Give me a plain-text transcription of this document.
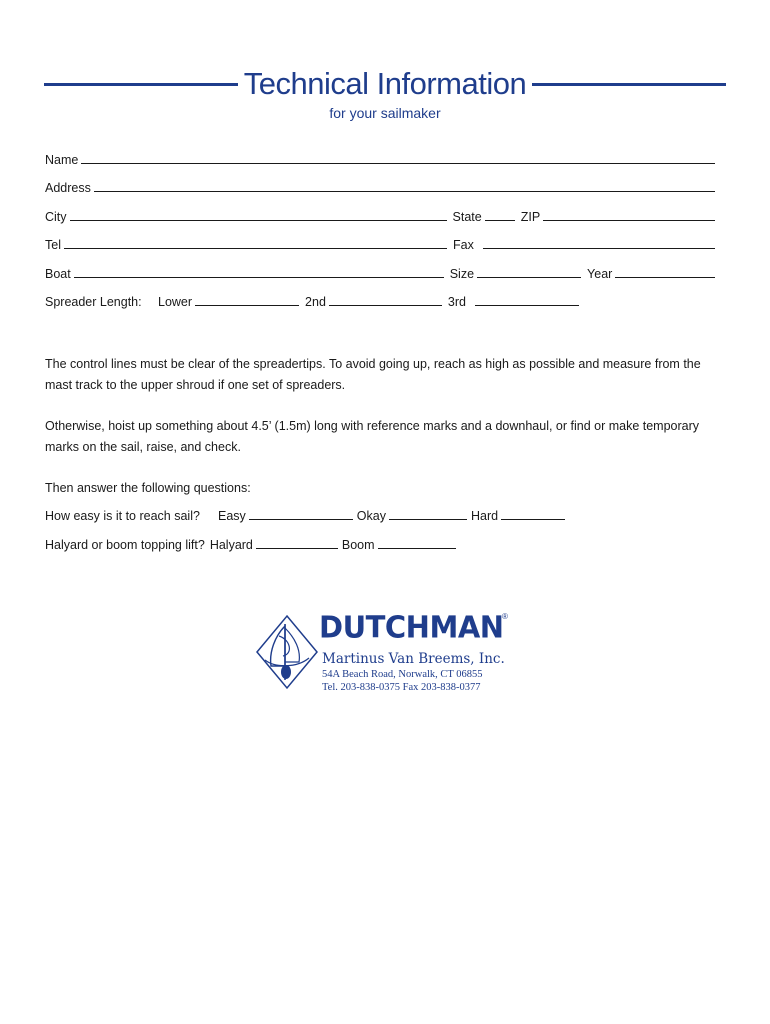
Technical Information
for your sailmaker
Name
Address
City	State	ZIP
Tel	Fax
Boat	Size	Year
Spreader Length:	Lower	2nd	3rd
The control lines must be clear of the spreadertips. To avoid going up, reach as high as possible and measure from the mast track to the upper shroud if one set of spreaders.
Otherwise, hoist up something about 4.5’ (1.5m) long with reference marks and a downhaul, or find or make temporary marks on the sail, raise, and check.
Then answer the following questions:
How easy is it to reach sail?	Easy	Okay	Hard
Halyard or boom topping lift? Halyard	Boom
DUTCHMAN
®
Martinus Van Breems, Inc.
54A Beach Road, Norwalk, CT 06855
Tel. 203-838-0375 Fax 203-838-0377
